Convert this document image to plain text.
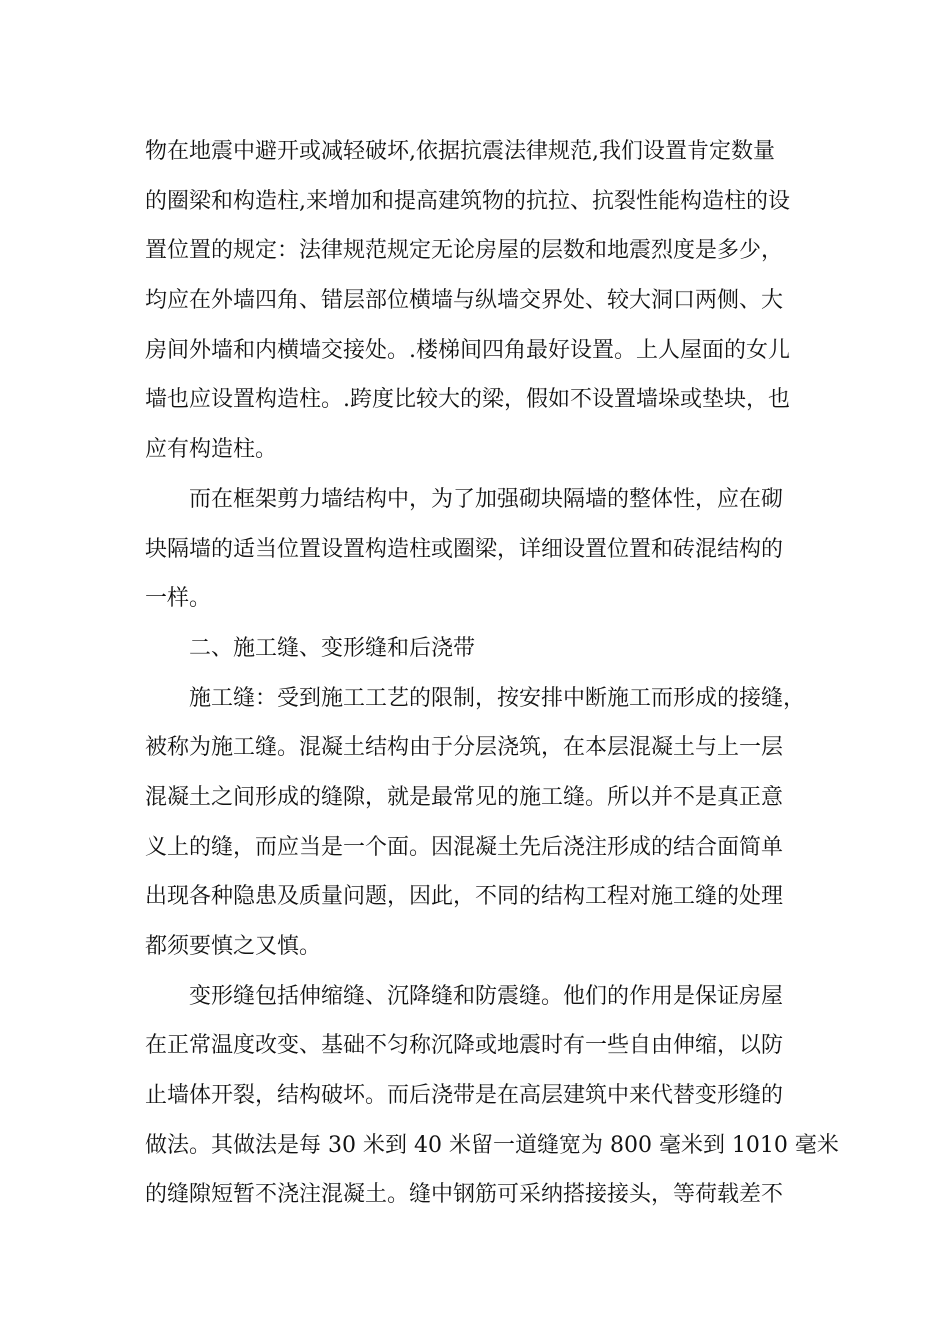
物在地震中避开或减轻破坏,依据抗震法律规范,我们设置肯定数量
的圈梁和构造柱,来增加和提高建筑物的抗拉、抗裂性能构造柱的设
置位置的规定：法律规范规定无论房屋的层数和地震烈度是多少，
均应在外墙四角、错层部位横墙与纵墙交界处、较大洞口两侧、大
房间外墙和内横墙交接处。.楼梯间四角最好设置。上人屋面的女儿
墙也应设置构造柱。.跨度比较大的梁，假如不设置墙垛或垫块，也
应有构造柱。
而在框架剪力墙结构中，为了加强砌块隔墙的整体性，应在砌
块隔墙的适当位置设置构造柱或圈梁，详细设置位置和砖混结构的
一样。
二、施工缝、变形缝和后浇带
施工缝：受到施工工艺的限制，按安排中断施工而形成的接缝，
被称为施工缝。混凝土结构由于分层浇筑，在本层混凝土与上一层
混凝土之间形成的缝隙，就是最常见的施工缝。所以并不是真正意
义上的缝，而应当是一个面。因混凝土先后浇注形成的结合面简单
出现各种隐患及质量问题，因此，不同的结构工程对施工缝的处理
都须要慎之又慎。
变形缝包括伸缩缝、沉降缝和防震缝。他们的作用是保证房屋
在正常温度改变、基础不匀称沉降或地震时有一些自由伸缩，以防
止墙体开裂，结构破坏。而后浇带是在高层建筑中来代替变形缝的
做法。其做法是每 30 米到 40 米留一道缝宽为 800 毫米到 1010 毫米
的缝隙短暂不浇注混凝土。缝中钢筋可采纳搭接接头，等荷载差不
